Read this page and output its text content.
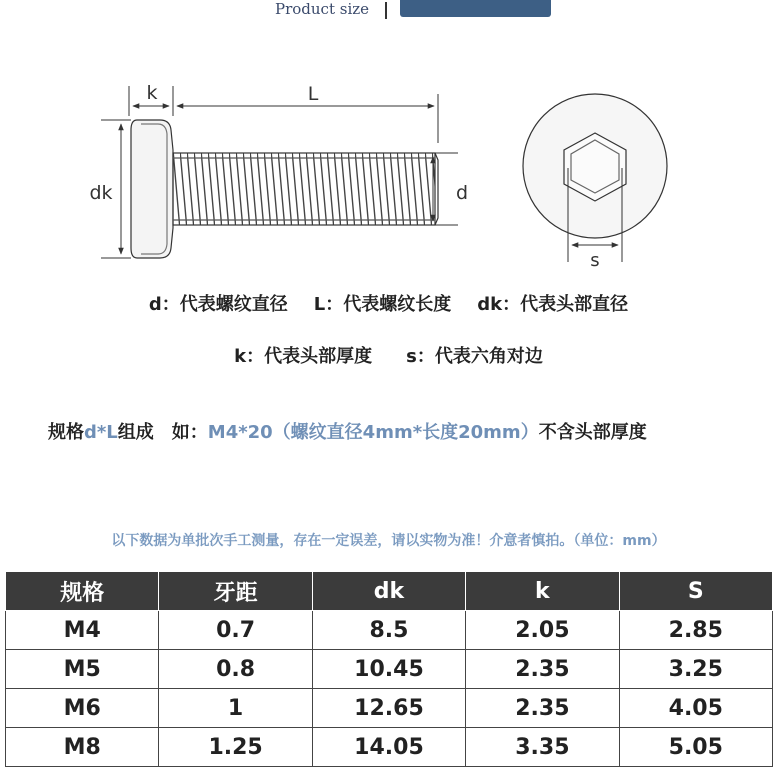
Product size
k	L
dk	d
s
d：代表螺纹直径 L：代表螺纹长度 dk：代表头部直径
k：代表头部厚度 s：代表六角对边
规格d*L组成　如：M4*20（螺纹直径4mm*长度20mm）不含头部厚度
以下数据为单批次手工测量，存在一定误差，请以实物为准！介意者慎拍。（单位：mm）
规格	牙距	dk	k	S
M4	0.7	8.5	2.05	2.85
M5	0.8	10.45	2.35	3.25
M6	1	12.65	2.35	4.05
M8	1.25	14.05	3.35	5.05
